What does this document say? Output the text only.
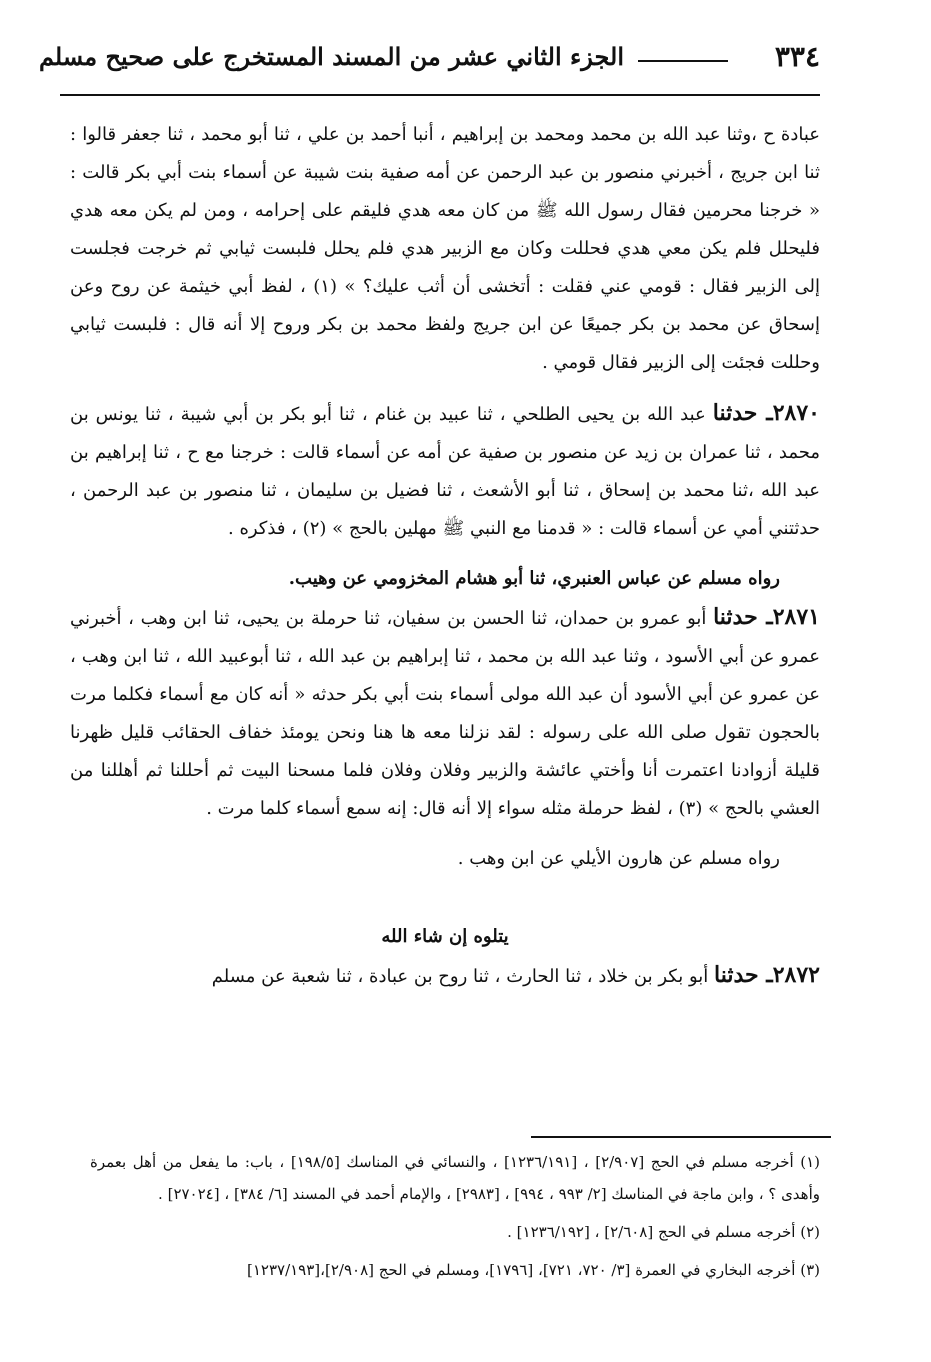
٣٣٤
الجزء الثاني عشر من المسند المستخرج على صحيح مسلم

عبادة ح ،وثنا عبد الله بن محمد ومحمد بن إبراهيم ، أنبا أحمد بن علي ، ثنا أبو محمد ، ثنا جعفر قالوا : ثنا ابن جريج ، أخبرني منصور بن عبد الرحمن عن أمه صفية بنت شيبة عن أسماء بنت أبي بكر قالت : « خرجنا محرمين فقال رسول الله ﷺ من كان معه هدي فليقم على إحرامه ، ومن لم يكن معه هدي فليحلل فلم يكن معي هدي فحللت وكان مع الزبير هدي فلم يحلل فلبست ثيابي ثم خرجت فجلست إلى الزبير فقال : قومي عني فقلت : أتخشى أن أثب عليك؟ » (١) ، لفظ أبي خيثمة عن روح وعن إسحاق عن محمد بن بكر جميعًا عن ابن جريج ولفظ محمد بن بكر وروح إلا أنه قال : فلبست ثيابي وحللت فجئت إلى الزبير فقال قومي .

٢٨٧٠ـ حدثنا عبد الله بن يحيى الطلحي ، ثنا عبيد بن غنام ، ثنا أبو بكر بن أبي شيبة ، ثنا يونس بن محمد ، ثنا عمران بن زيد عن منصور بن صفية عن أمه عن أسماء قالت : خرجنا مع ح ، ثنا إبراهيم بن عبد الله ،ثنا محمد بن إسحاق ، ثنا أبو الأشعث ، ثنا فضيل بن سليمان ، ثنا منصور بن عبد الرحمن ، حدثتني أمي عن أسماء قالت : « قدمنا مع النبي ﷺ مهلين بالحج » (٢) ، فذكره .

رواه مسلم عن عباس العنبري، ثنا أبو هشام المخزومي عن وهيب.

٢٨٧١ـ حدثنا أبو عمرو بن حمدان، ثنا الحسن بن سفيان، ثنا حرملة بن يحيى، ثنا ابن وهب ، أخبرني عمرو عن أبي الأسود ، وثنا عبد الله بن محمد ، ثنا إبراهيم بن عبد الله ، ثنا أبوعبيد الله ، ثنا ابن وهب ، عن عمرو عن أبي الأسود أن عبد الله مولى أسماء بنت أبي بكر حدثه « أنه كان مع أسماء فكلما مرت بالحجون تقول صلى الله على رسوله : لقد نزلنا معه ها هنا ونحن يومئذ خفاف الحقائب قليل ظهرنا قليلة أزوادنا اعتمرت أنا وأختي عائشة والزبير وفلان وفلان فلما مسحنا البيت ثم أحللنا ثم أهللنا من العشي بالحج » (٣) ، لفظ حرملة مثله سواء إلا أنه قال: إنه سمع أسماء كلما مرت .

رواه مسلم عن هارون الأيلي عن ابن وهب .

يتلوه إن شاء الله

٢٨٧٢ـ حدثنا أبو بكر بن خلاد ، ثنا الحارث ، ثنا روح بن عبادة ، ثنا شعبة عن مسلم

(١) أخرجه مسلم في الحج [٢/٩٠٧] ، [١٢٣٦/١٩١] ، والنسائي في المناسك [١٩٨/٥] ، باب: ما يفعل من أهل بعمرة وأهدى ؟ ، وابن ماجة في المناسك [٢/ ٩٩٣ ، ٩٩٤] ، [٢٩٨٣] ، والإمام أحمد في المسند [٦/ ٣٨٤] ، [٢٧٠٢٤] .

(٢) أخرجه مسلم في الحج [٢/٦٠٨] ، [١٢٣٦/١٩٢] .

(٣) أخرجه البخاري في العمرة [٣/ ٧٢٠، ٧٢١]، [١٧٩٦]، ومسلم في الحج [٢/٩٠٨]،[١٢٣٧/١٩٣]
